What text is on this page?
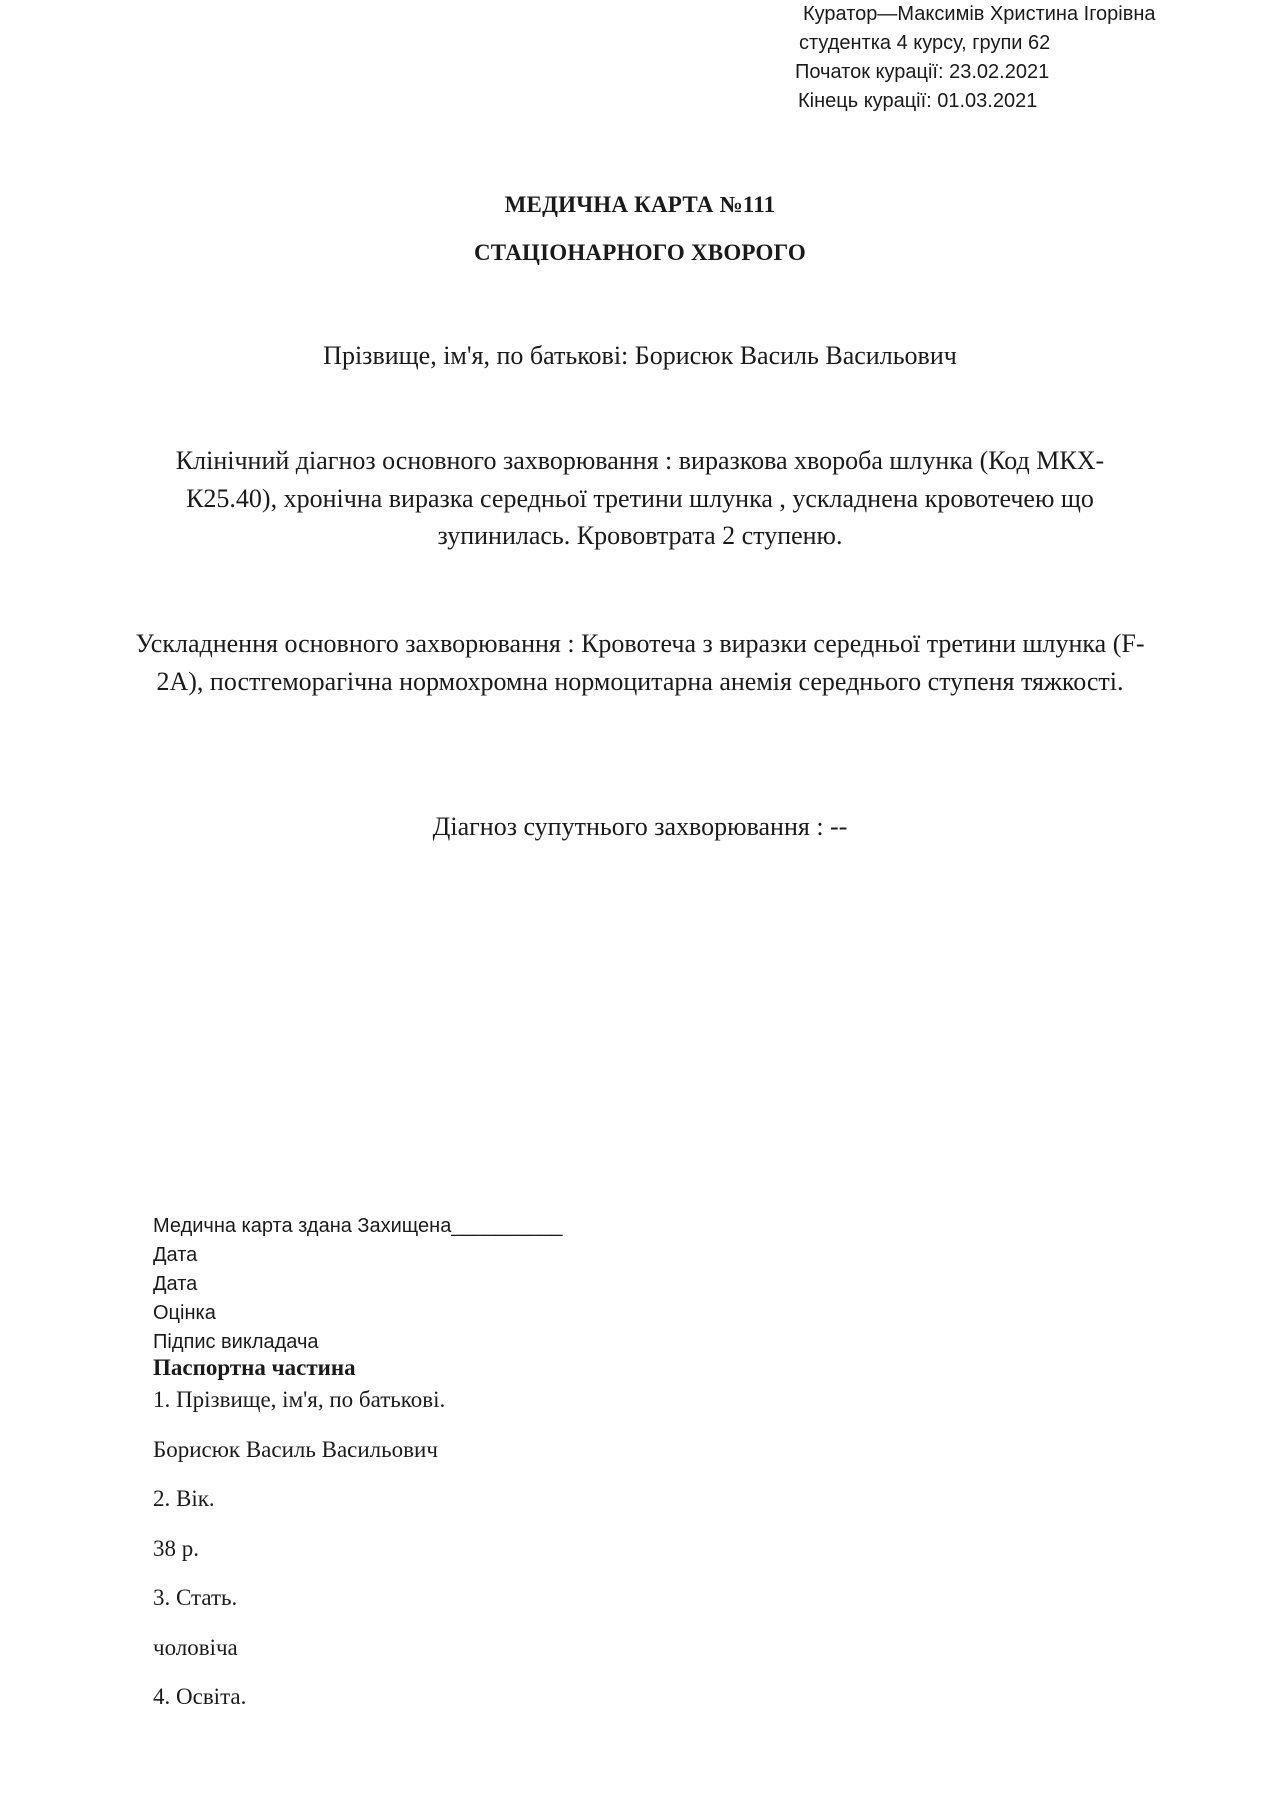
МЕДИЧНА КАРТА №111
СТАЦІОНАРНОГО ХВОРОГО
Прізвище, ім'я, по батькові: Борисюк Василь Васильович
Клінічний діагноз основного захворювання : виразкова хвороба шлунка (Код МКХ- К25.40), хронічна виразка середньої третини шлунка , ускладнена кровотечею що зупинилась. Крововтрата 2 ступеню.
Ускладнення основного захворювання : Кровотеча з виразки середньої третини шлунка (F-2A), постгеморагічна нормохромна нормоцитарна анемія середнього ступеня тяжкості.
Діагноз супутнього захворювання : --
Куратор—Максимів Христина Ігорівна
студентка 4 курсу, групи 62
Початок курації: 23.02.2021
Кінець курації: 01.03.2021
Медична карта здана Захищена__________
Дата
Дата
Оцінка
Підпис викладача
Паспортна частина
1. Прізвище, ім'я, по батькові.
Борисюк Василь Васильович
2. Вік.
38 р.
3. Стать.
чоловіча
4. Освіта.
